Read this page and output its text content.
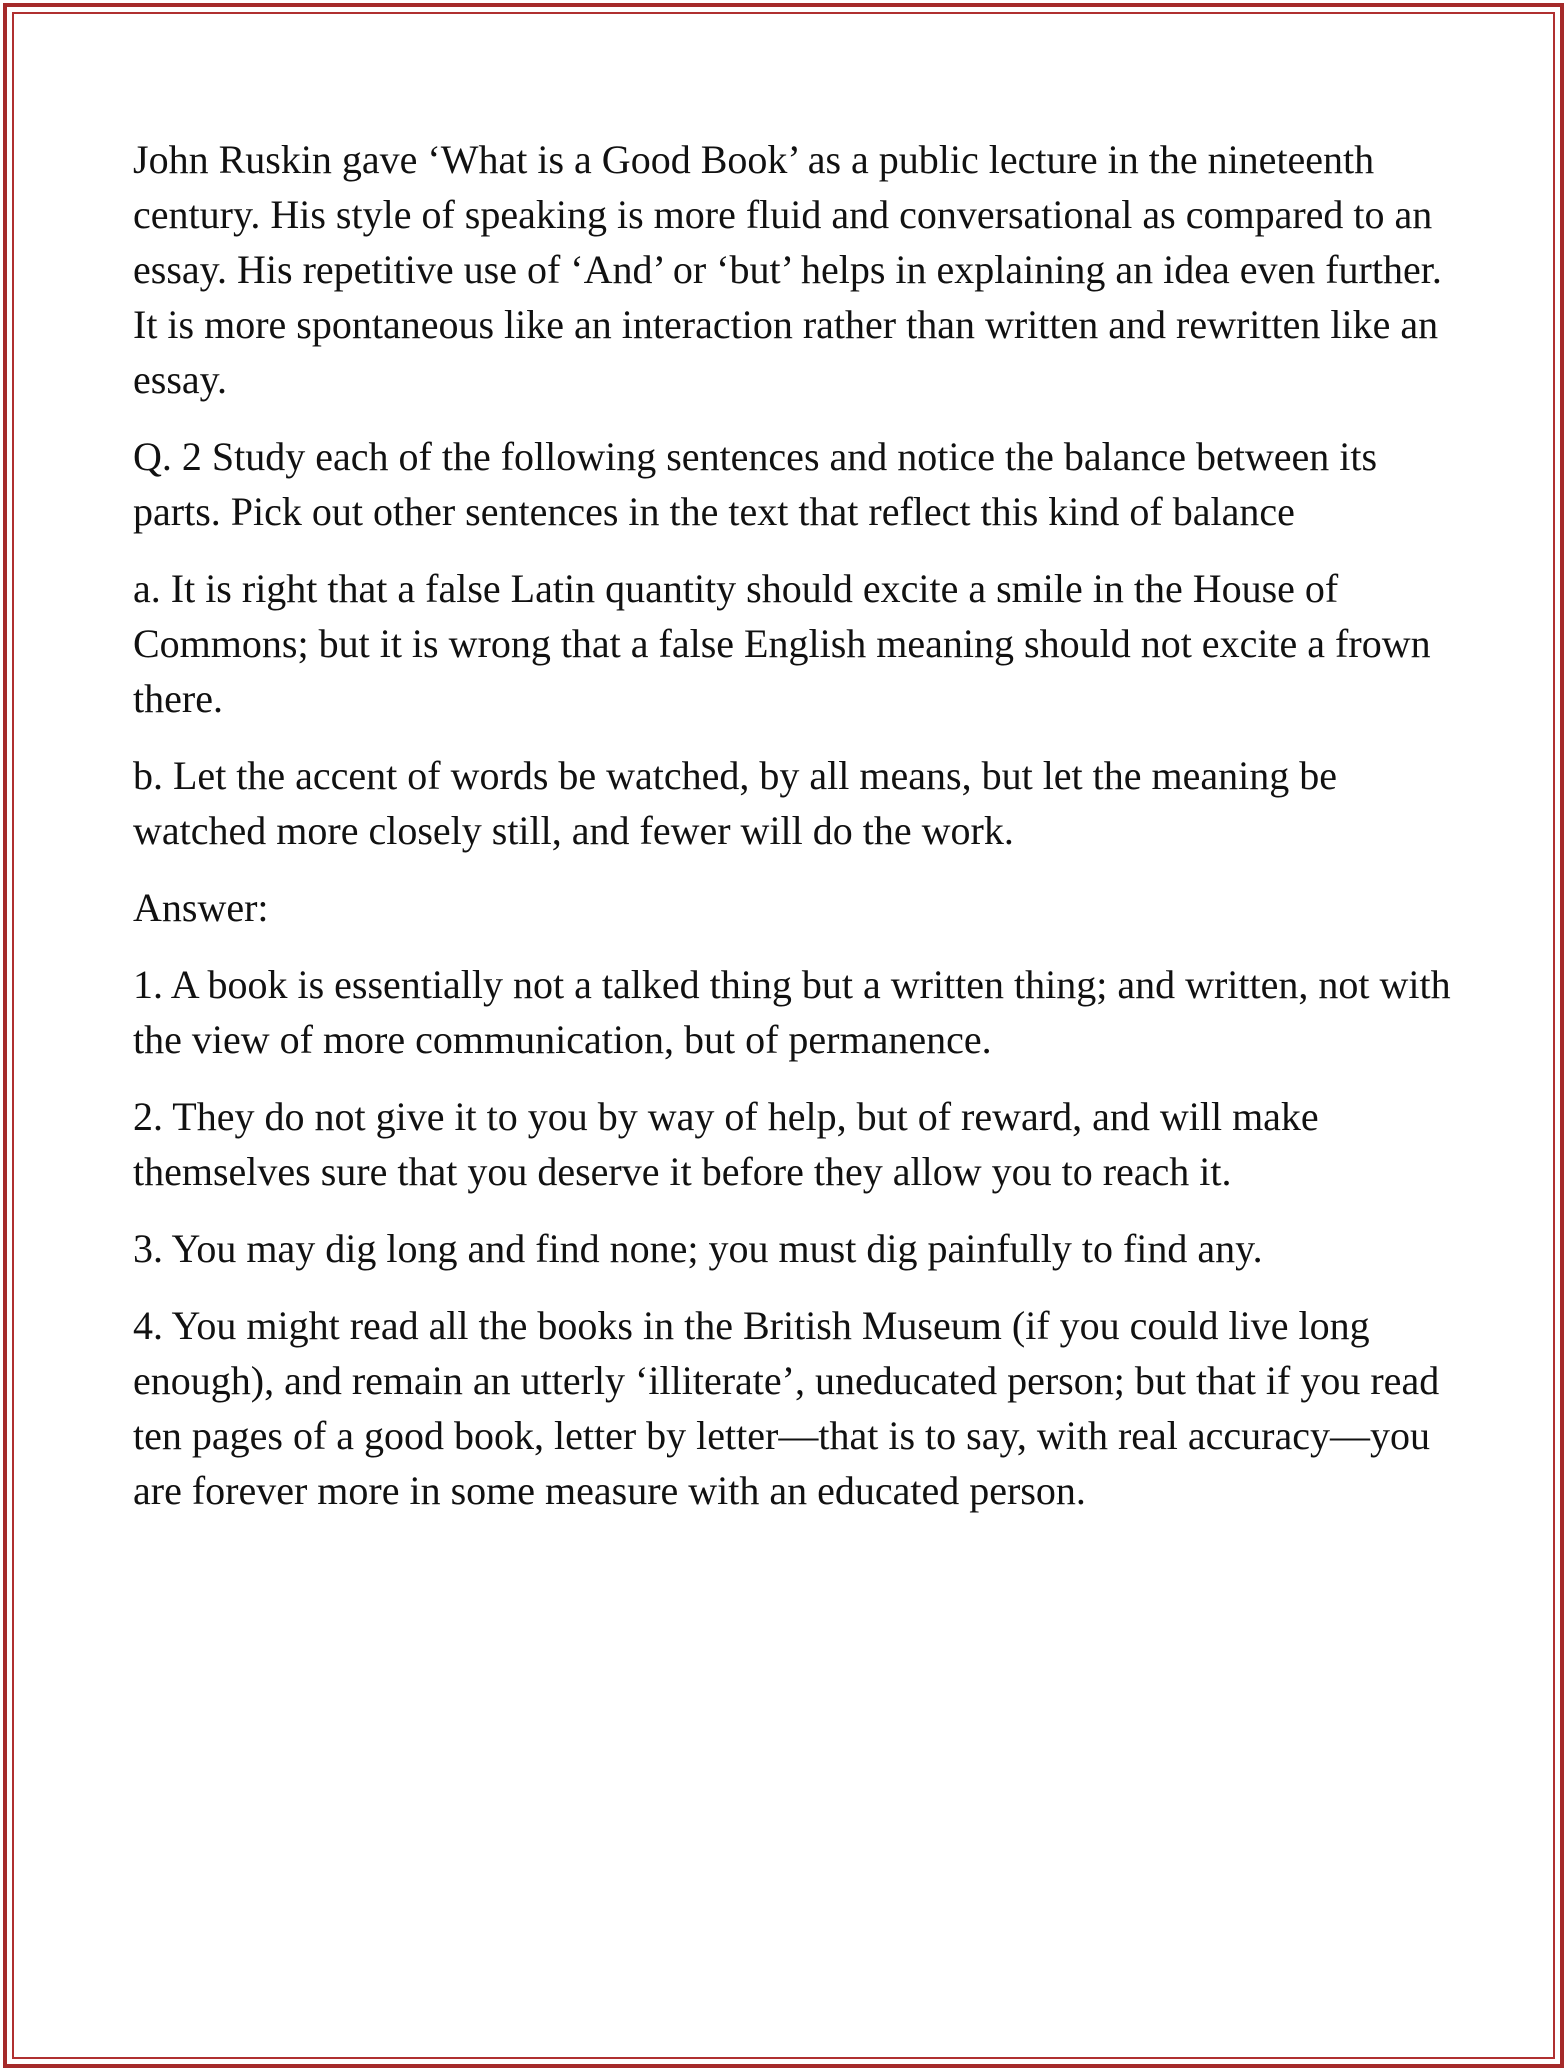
John Ruskin gave ‘What is a Good Book’ as a public lecture in the nineteenth century. His style of speaking is more fluid and conversational as compared to an essay. His repetitive use of ‘And’ or ‘but’ helps in explaining an idea even further. It is more spontaneous like an interaction rather than written and rewritten like an essay.

Q. 2 Study each of the following sentences and notice the balance between its parts. Pick out other sentences in the text that reflect this kind of balance

a. It is right that a false Latin quantity should excite a smile in the House of Commons; but it is wrong that a false English meaning should not excite a frown there.

b. Let the accent of words be watched, by all means, but let the meaning be watched more closely still, and fewer will do the work.

Answer:

1. A book is essentially not a talked thing but a written thing; and written, not with the view of more communication, but of permanence.

2. They do not give it to you by way of help, but of reward, and will make themselves sure that you deserve it before they allow you to reach it.

3. You may dig long and find none; you must dig painfully to find any.

4. You might read all the books in the British Museum (if you could live long enough), and remain an utterly ‘illiterate’, uneducated person; but that if you read ten pages of a good book, letter by letter—that is to say, with real accuracy—you are forever more in some measure with an educated person.
